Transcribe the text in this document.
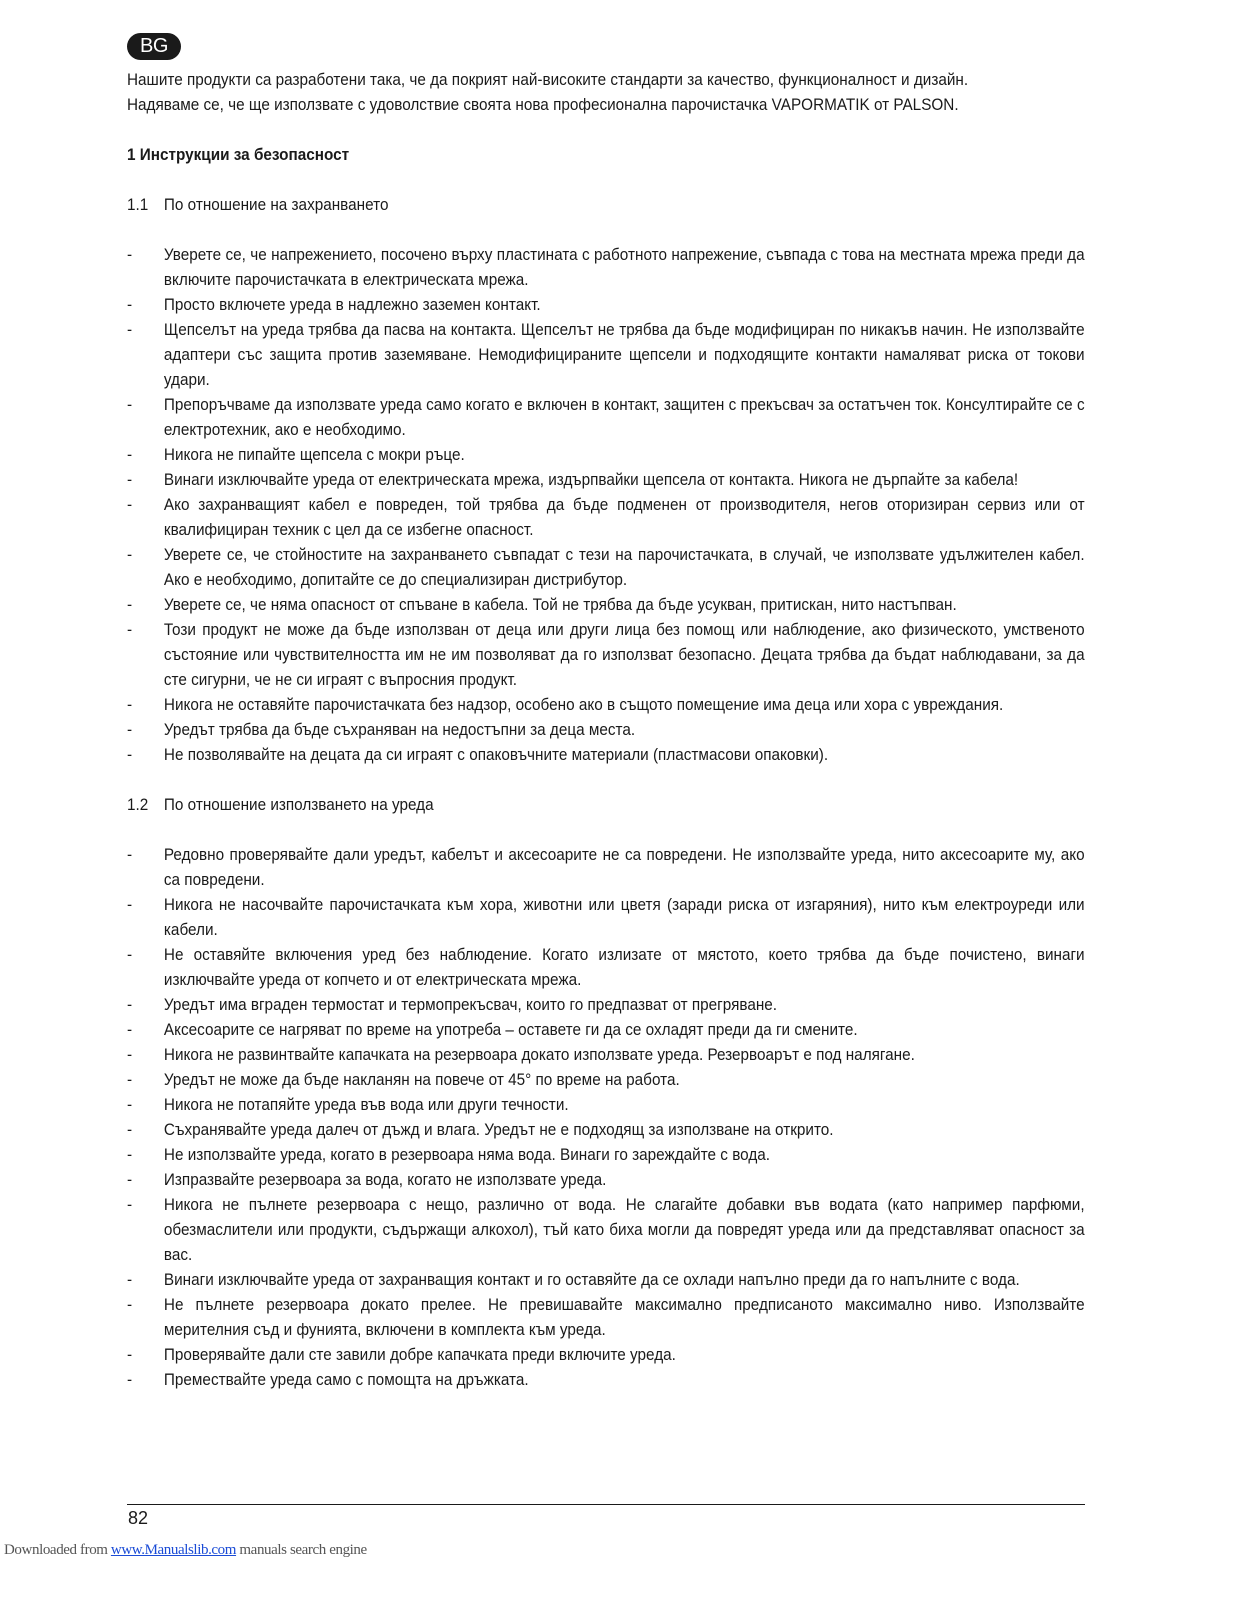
BG

Нашите продукти са разработени така, че да покрият най-високите стандарти за качество, функционалност и дизайн.

Надяваме се, че ще използвате с удоволствие своята нова професионална парочистачка VAPORMATIK от PALSON.

1 Инструкции за безопасност

1.1 По отношение на захранването

-	Уверете се, че напрежението, посочено върху пластината с работното напрежение, съвпада с това на местната мрежа преди да включите парочистачката в електрическата мрежа.
-	Просто включете уреда в надлежно заземен контакт.
-	Щепселът на уреда трябва да пасва на контакта. Щепселът не трябва да бъде модифициран по никакъв начин. Не използвайте адаптери със защита против заземяване. Немодифицираните щепсели и подходящите контакти намаляват риска от токови удари.
-	Препоръчваме да използвате уреда само когато е включен в контакт, защитен с прекъсвач за остатъчен ток. Консултирайте се с електротехник, ако е необходимо.
-	Никога не пипайте щепсела с мокри ръце.
-	Винаги изключвайте уреда от електрическата мрежа, издърпвайки щепсела от контакта. Никога не дърпайте за кабела!
-	Ако захранващият кабел е повреден, той трябва да бъде подменен от производителя, негов оторизиран сервиз или от квалифициран техник с цел да се избегне опасност.
-	Уверете се, че стойностите на захранването съвпадат с тези на парочистачката, в случай, че използвате удължителен кабел. Ако е необходимо, допитайте се до специализиран дистрибутор.
-	Уверете се, че няма опасност от спъване в кабела. Той не трябва да бъде усукван, притискан, нито настъпван.
-	Този продукт не може да бъде използван от деца или други лица без помощ или наблюдение, ако физическото, умственото състояние или чувствителността им не им позволяват да го използват безопасно. Децата трябва да бъдат наблюдавани, за да сте сигурни, че не си играят с въпросния продукт.
-	Никога не оставяйте парочистачката без надзор, особено ако в същото помещение има деца или хора с увреждания.
-	Уредът трябва да бъде съхраняван на недостъпни за деца места.
-	Не позволявайте на децата да си играят с опаковъчните материали (пластмасови опаковки).

1.2 По отношение използването на уреда

-	Редовно проверявайте дали уредът, кабелът и аксесоарите не са повредени. Не използвайте уреда, нито аксесоарите му, ако са повредени.
-	Никога не насочвайте парочистачката към хора, животни или цветя (заради риска от изгаряния), нито към електроуреди или кабели.
-	Не оставяйте включения уред без наблюдение. Когато излизате от мястото, което трябва да бъде почистено, винаги изключвайте уреда от копчето и от електрическата мрежа.
-	Уредът има вграден термостат и термопрекъсвач, които го предпазват от прегряване.
-	Аксесоарите се нагряват по време на употреба – оставете ги да се охладят преди да ги смените.
-	Никога не развинтвайте капачката на резервоара докато използвате уреда. Резервоарът е под налягане.
-	Уредът не може да бъде накланян на повече от 45° по време на работа.
-	Никога не потапяйте уреда във вода или други течности.
-	Съхранявайте уреда далеч от дъжд и влага. Уредът не е подходящ за използване на открито.
-	Не използвайте уреда, когато в резервоара няма вода. Винаги го зареждайте с вода.
-	Изпразвайте резервоара за вода, когато не използвате уреда.
-	Никога не пълнете резервоара с нещо, различно от вода. Не слагайте добавки във водата (като например парфюми, обезмаслители или продукти, съдържащи алкохол), тъй като биха могли да повредят уреда или да представляват опасност за вас.
-	Винаги изключвайте уреда от захранващия контакт и го оставяйте да се охлади напълно преди да го напълните с вода.
-	Не пълнете резервоара докато прелее. Не превишавайте максимално предписаното максимално ниво. Използвайте мерителния съд и фунията, включени в комплекта към уреда.
-	Проверявайте дали сте завили добре капачката преди включите уреда.
-	Премествайте уреда само с помощта на дръжката.
82
Downloaded from www.Manualslib.com manuals search engine
